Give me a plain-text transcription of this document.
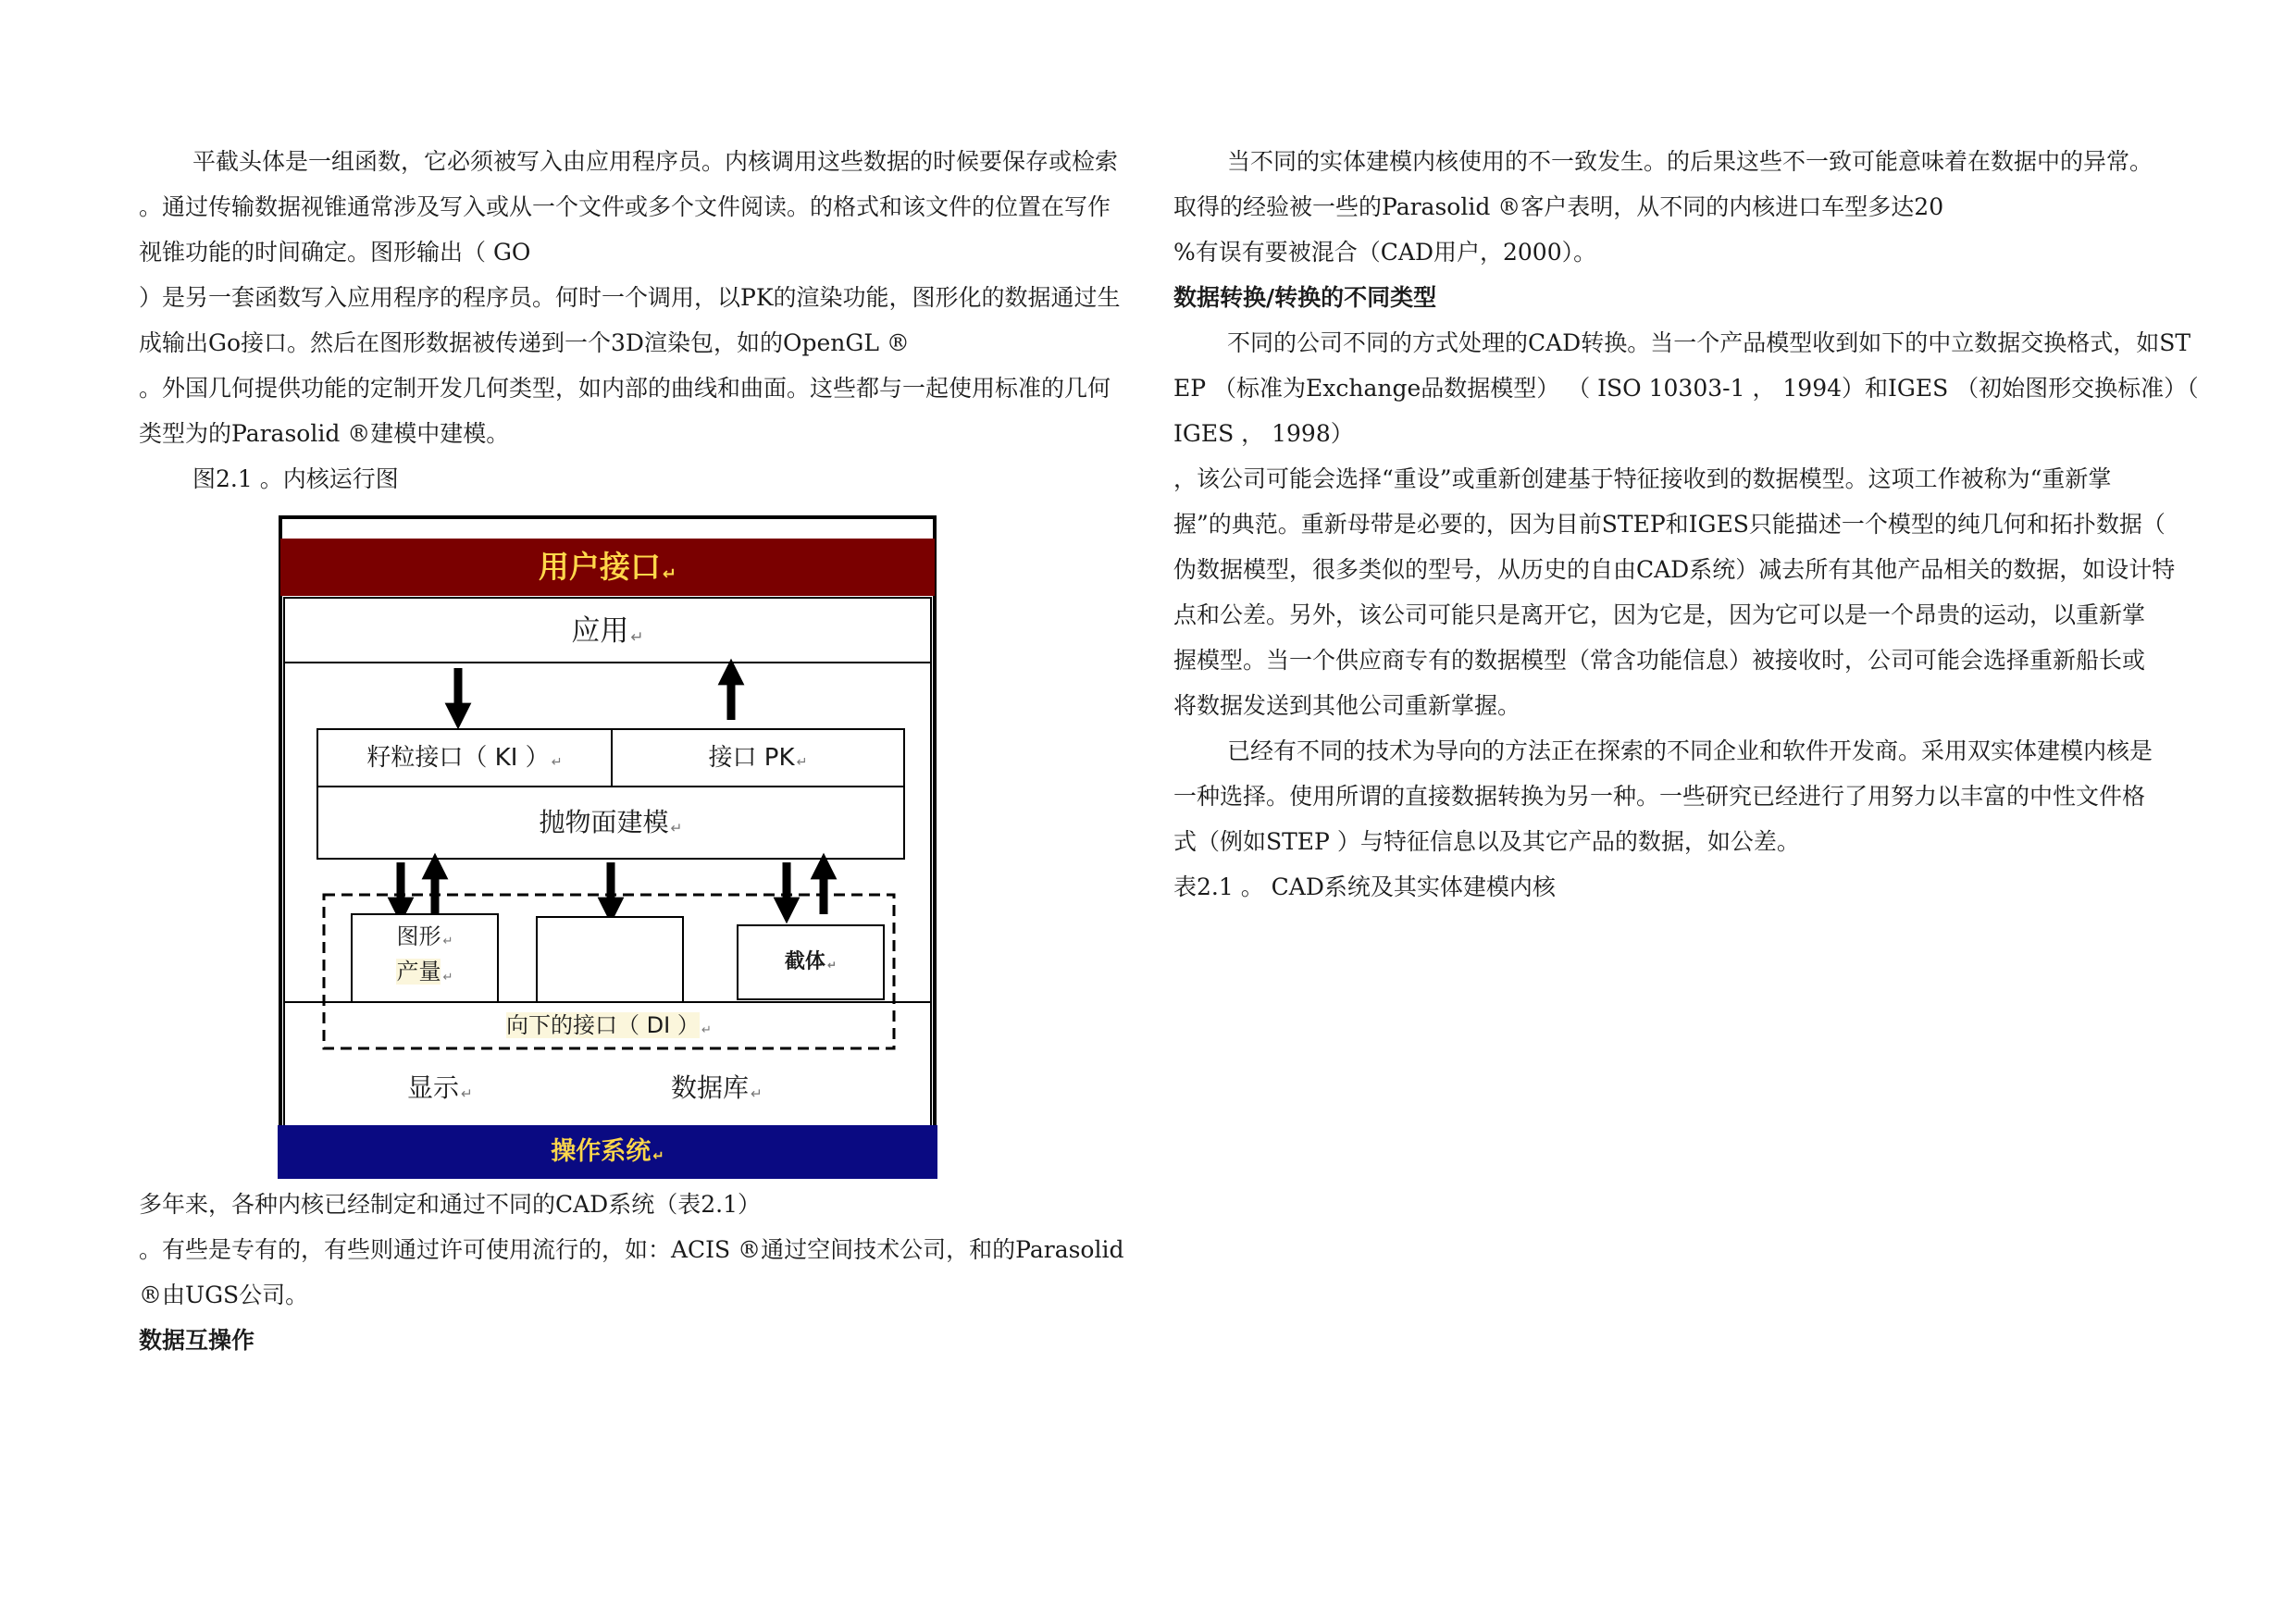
平截头体是一组函数，它必须被写入由应用程序员。内核调用这些数据的时候要保存或检索

。通过传输数据视锥通常涉及写入或从一个文件或多个文件阅读。的格式和该文件的位置在写作

视锥功能的时间确定。图形输出（ GO

）是另一套函数写入应用程序的程序员。何时一个调用，以PK的渲染功能，图形化的数据通过生

成输出Go接口。然后在图形数据被传递到一个3D渲染包，如的OpenGL ®

。外国几何提供功能的定制开发几何类型，如内部的曲线和曲面。这些都与一起使用标准的几何

类型为的Parasolid ®建模中建模。

图2.1 。内核运行图

多年来，各种内核已经制定和通过不同的CAD系统（表2.1）

。有些是专有的，有些则通过许可使用流行的，如：ACIS ®通过空间技术公司，和的Parasolid

®由UGS公司。

数据互操作

用户接口 ↵
应用 ↵
籽粒接口（ KI ） ↵	接口 PK ↵
抛物面建模 ↵
图形 ↵
产量 ↵
截体 ↵
向下的接口（ DI ） ↵
显示 ↵	数据库 ↵
操作系统 ↵

当不同的实体建模内核使用的不一致发生。的后果这些不一致可能意味着在数据中的异常。

取得的经验被一些的Parasolid ®客户表明，从不同的内核进口车型多达20

%有误有要被混合（CAD用户，2000）。

数据转换/转换的不同类型

不同的公司不同的方式处理的CAD转换。当一个产品模型收到如下的中立数据交换格式，如ST

EP （标准为Exchange品数据模型） （ ISO 10303-1 ， 1994）和IGES （初始图形交换标准）（

IGES ， 1998）

，该公司可能会选择“重设”或重新创建基于特征接收到的数据模型。这项工作被称为“重新掌

握”的典范。重新母带是必要的，因为目前STEP和IGES只能描述一个模型的纯几何和拓扑数据（

伪数据模型，很多类似的型号，从历史的自由CAD系统）减去所有其他产品相关的数据，如设计特

点和公差。另外，该公司可能只是离开它，因为它是，因为它可以是一个昂贵的运动，以重新掌

握模型。当一个供应商专有的数据模型（常含功能信息）被接收时，公司可能会选择重新船长或

将数据发送到其他公司重新掌握。

已经有不同的技术为导向的方法正在探索的不同企业和软件开发商。采用双实体建模内核是

一种选择。使用所谓的直接数据转换为另一种。一些研究已经进行了用努力以丰富的中性文件格

式（例如STEP ）与特征信息以及其它产品的数据，如公差。

表2.1 。 CAD系统及其实体建模内核
